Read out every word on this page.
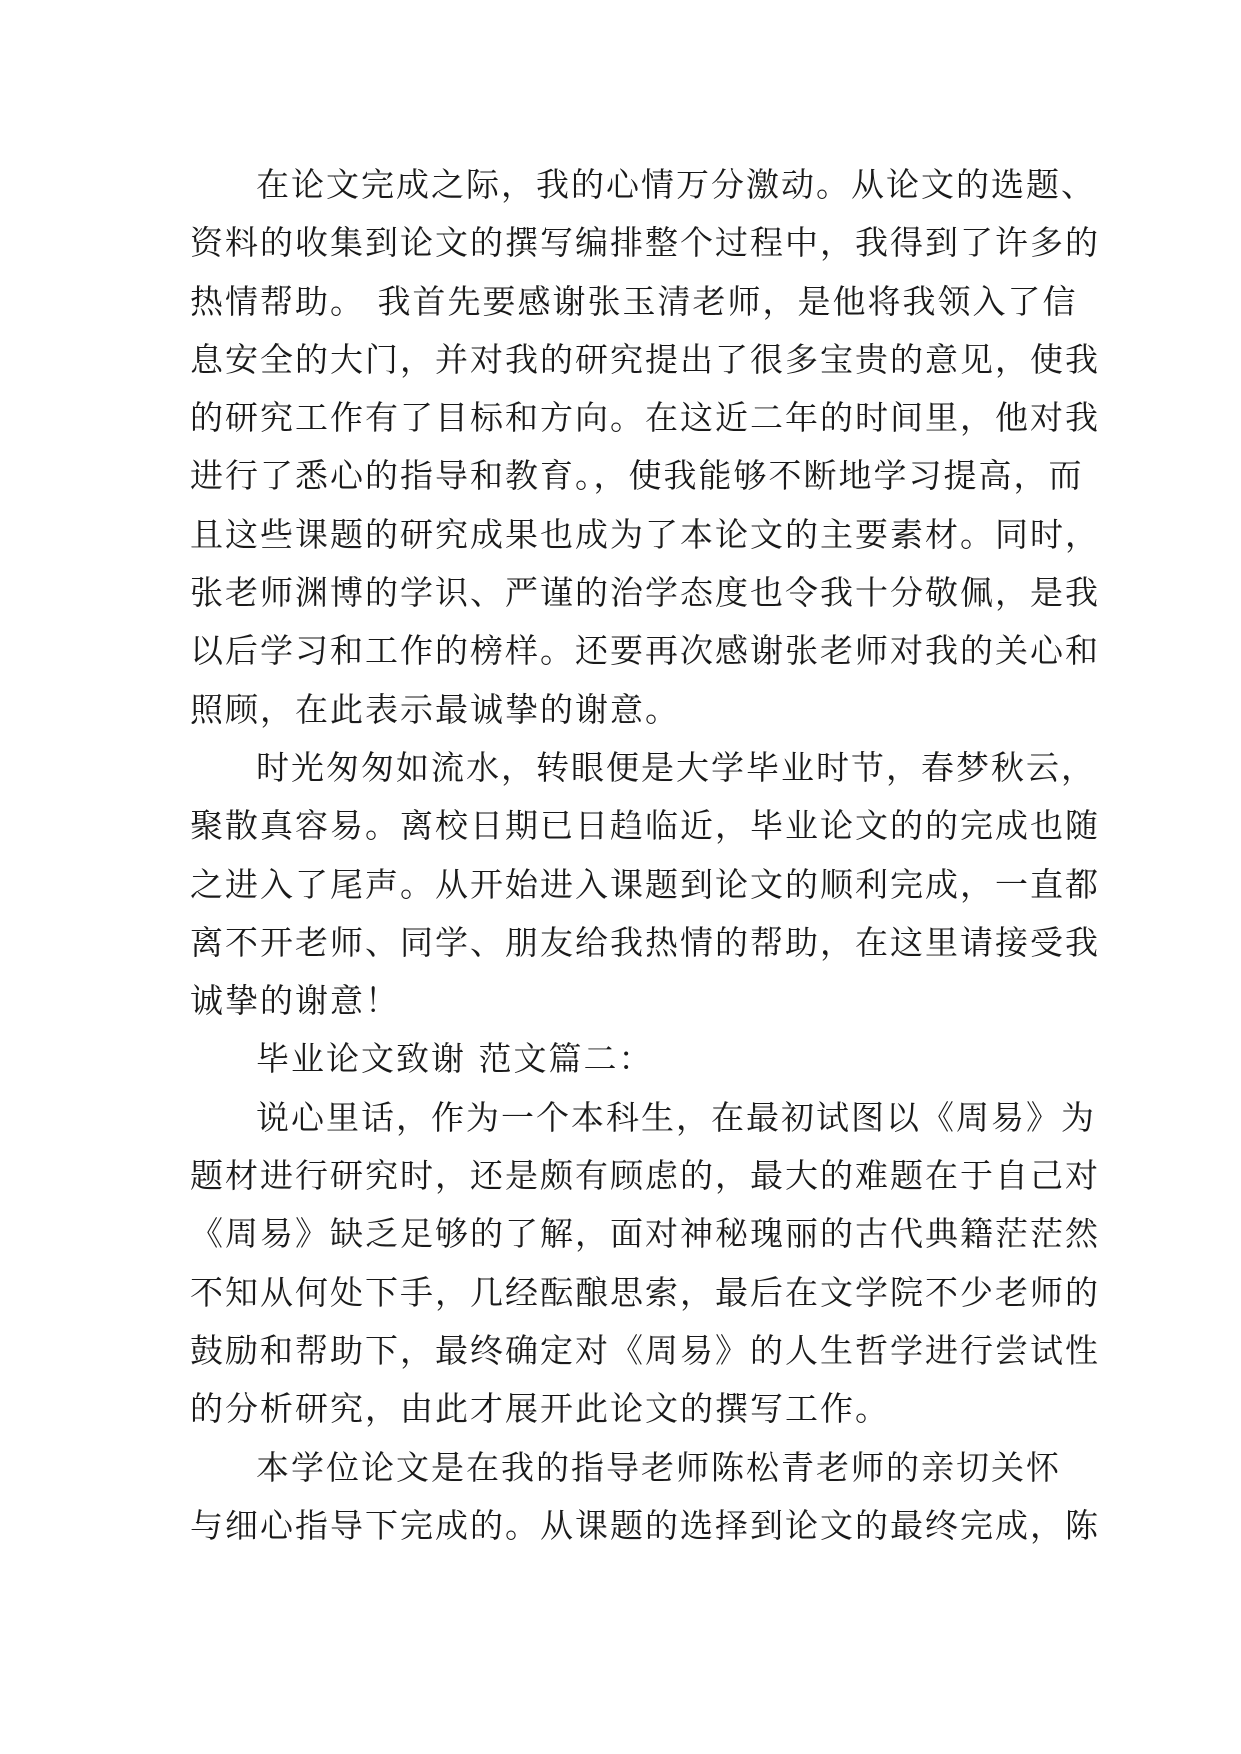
在论文完成之际，我的心情万分激动。从论文的选题、
资料的收集到论文的撰写编排整个过程中，我得到了许多的
热情帮助。 我首先要感谢张玉清老师，是他将我领入了信
息安全的大门，并对我的研究提出了很多宝贵的意见，使我
的研究工作有了目标和方向。在这近二年的时间里，他对我
进行了悉心的指导和教育。，使我能够不断地学习提高，而
且这些课题的研究成果也成为了本论文的主要素材。同时，
张老师渊博的学识、严谨的治学态度也令我十分敬佩，是我
以后学习和工作的榜样。还要再次感谢张老师对我的关心和
照顾，在此表示最诚挚的谢意。
时光匆匆如流水，转眼便是大学毕业时节，春梦秋云，
聚散真容易。离校日期已日趋临近，毕业论文的的完成也随
之进入了尾声。从开始进入课题到论文的顺利完成，一直都
离不开老师、同学、朋友给我热情的帮助，在这里请接受我
诚挚的谢意！
毕业论文致谢 范文篇二：
说心里话，作为一个本科生，在最初试图以《周易》为
题材进行研究时，还是颇有顾虑的，最大的难题在于自己对
《周易》缺乏足够的了解，面对神秘瑰丽的古代典籍茫茫然
不知从何处下手，几经酝酿思索，最后在文学院不少老师的
鼓励和帮助下，最终确定对《周易》的人生哲学进行尝试性
的分析研究，由此才展开此论文的撰写工作。
本学位论文是在我的指导老师陈松青老师的亲切关怀
与细心指导下完成的。从课题的选择到论文的最终完成，陈
